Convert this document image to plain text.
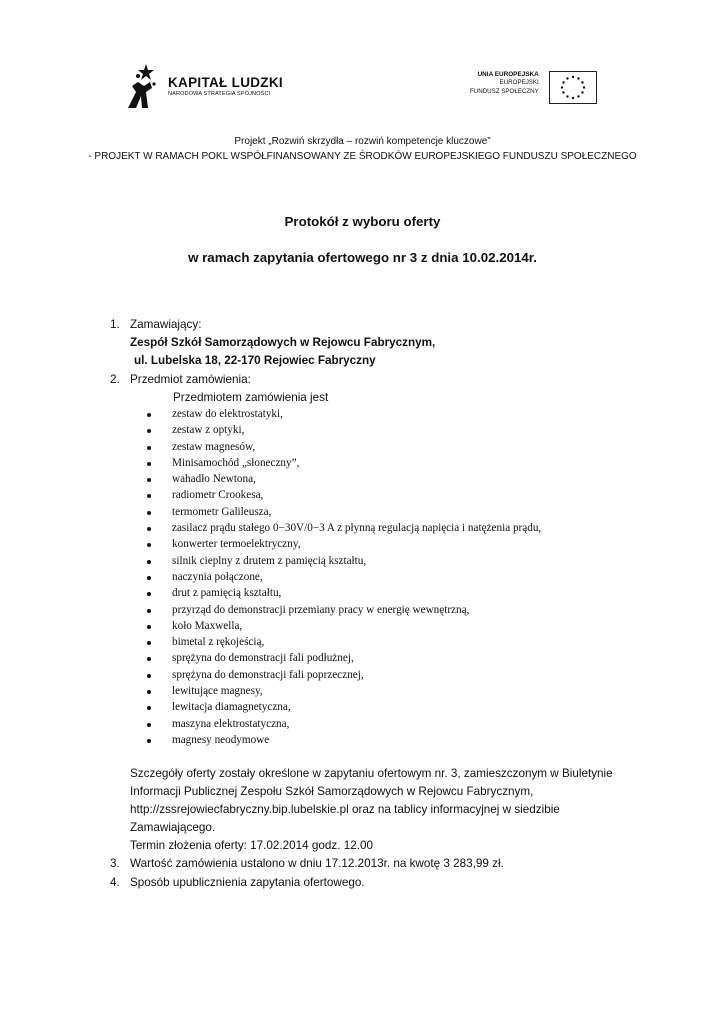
KAPITAŁ LUDZKI
NARODOWA STRATEGIA SPÓJNOŚCI
UNIA EUROPEJSKA
EUROPEJSKI
FUNDUSZ SPOŁECZNY
Projekt „Rozwiń skrzydła – rozwiń kompetencje kluczowe”
- PROJEKT W RAMACH POKL WSPÓŁFINANSOWANY ZE ŚRODKÓW EUROPEJSKIEGO FUNDUSZU SPOŁECZNEGO
Protokół z wyboru oferty
w ramach zapytania ofertowego nr 3 z dnia 10.02.2014r.
1. Zamawiający:
Zespół Szkół Samorządowych w Rejowcu Fabrycznym,
ul. Lubelska 18, 22-170 Rejowiec Fabryczny
2. Przedmiot zamówienia:
Przedmiotem zamówienia jest
zestaw do elektrostatyki,
zestaw z optyki,
zestaw magnesów,
Minisamochód „słoneczny”,
wahadło Newtona,
radiometr Crookesa,
termometr Galileusza,
zasilacz prądu stałego 0−30V/0−3 A z płynną regulacją napięcia i natężenia prądu,
konwerter termoelektryczny,
silnik cieplny z drutem z pamięcią kształtu,
naczynia połączone,
drut z pamięcią kształtu,
przyrząd do demonstracji przemiany pracy w energię wewnętrzną,
koło Maxwella,
bimetal z rękojeścią,
sprężyna do demonstracji fali podłużnej,
sprężyna do demonstracji fali poprzecznej,
lewitujące magnesy,
lewitacja diamagnetyczna,
maszyna elektrostatyczna,
magnesy neodymowe
Szczegóły oferty zostały określone w zapytaniu ofertowym nr. 3, zamieszczonym w Biuletynie
Informacji Publicznej Zespołu Szkół Samorządowych w Rejowcu Fabrycznym,
http://zssrejowiecfabryczny.bip.lubelskie.pl oraz na tablicy informacyjnej w siedzibie
Zamawiającego.
Termin złożenia oferty: 17.02.2014 godz. 12.00
3. Wartość zamówienia ustalono w dniu 17.12.2013r. na kwotę 3 283,99 zł.
4. Sposób upublicznienia zapytania ofertowego.
